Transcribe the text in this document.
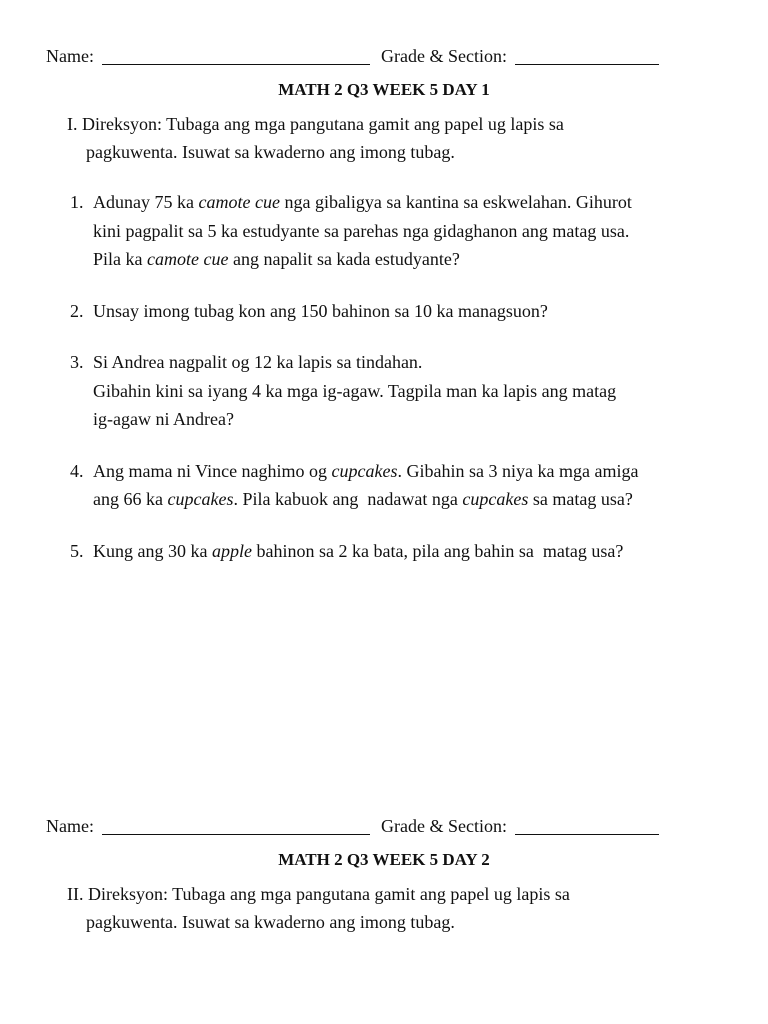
Name:	Grade & Section:
MATH 2 Q3 WEEK 5 DAY 1
I. Direksyon: Tubaga ang mga pangutana gamit ang papel ug lapis sa
pagkuwenta. Isuwat sa kwaderno ang imong tubag.
1. Adunay 75 ka camote cue nga gibaligya sa kantina sa eskwelahan. Gihurot
kini pagpalit sa 5 ka estudyante sa parehas nga gidaghanon ang matag usa.
Pila ka camote cue ang napalit sa kada estudyante?
2. Unsay imong tubag kon ang 150 bahinon sa 10 ka managsuon?
3. Si Andrea nagpalit og 12 ka lapis sa tindahan.
Gibahin kini sa iyang 4 ka mga ig-agaw. Tagpila man ka lapis ang matag
ig-agaw ni Andrea?
4. Ang mama ni Vince naghimo og cupcakes. Gibahin sa 3 niya ka mga amiga
ang 66 ka cupcakes. Pila kabuok ang  nadawat nga cupcakes sa matag usa?
5. Kung ang 30 ka apple bahinon sa 2 ka bata, pila ang bahin sa  matag usa?
Name:	Grade & Section:
MATH 2 Q3 WEEK 5 DAY 2
II. Direksyon: Tubaga ang mga pangutana gamit ang papel ug lapis sa
pagkuwenta. Isuwat sa kwaderno ang imong tubag.
